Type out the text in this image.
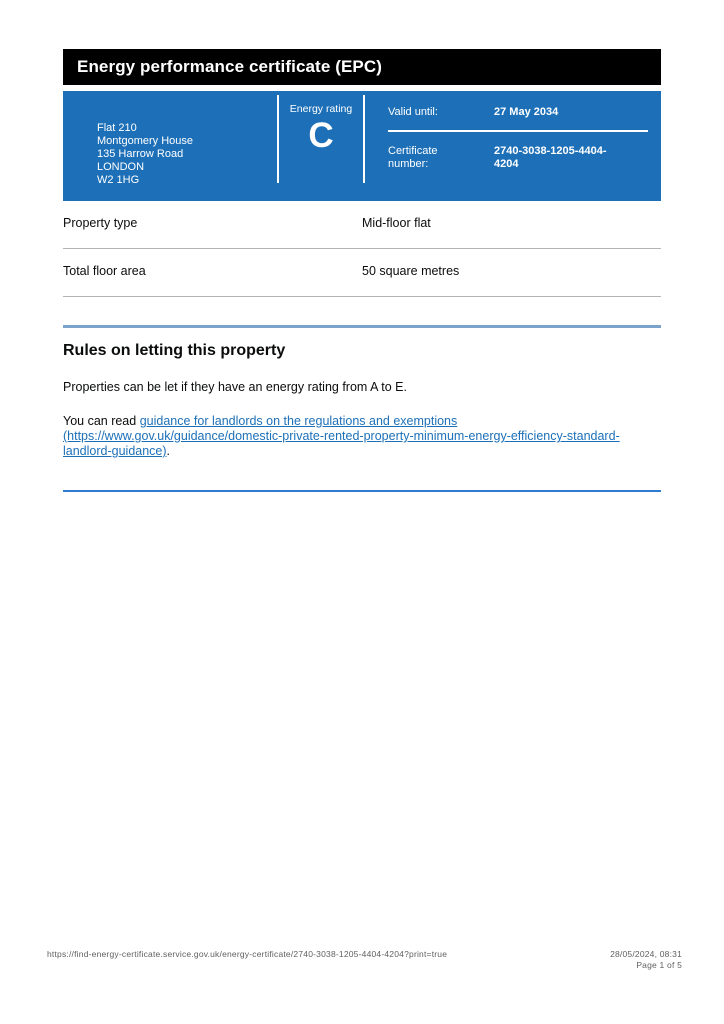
Energy performance certificate (EPC)
Flat 210
Montgomery House
135 Harrow Road
LONDON
W2 1HG
Energy rating
C
Valid until:	27 May 2034
Certificate number:
2740-3038-1205-4404-4204
Property type	Mid-floor flat
Total floor area	50 square metres
Rules on letting this property

Properties can be let if they have an energy rating from A to E.

You can read guidance for landlords on the regulations and exemptions (https://www.gov.uk/guidance/domestic-private-rented-property-minimum-energy-efficiency-standard-landlord-guidance).

https://find-energy-certificate.service.gov.uk/energy-certificate/2740-3038-1205-4404-4204?print=true	28/05/2024, 08:31
Page 1 of 5
